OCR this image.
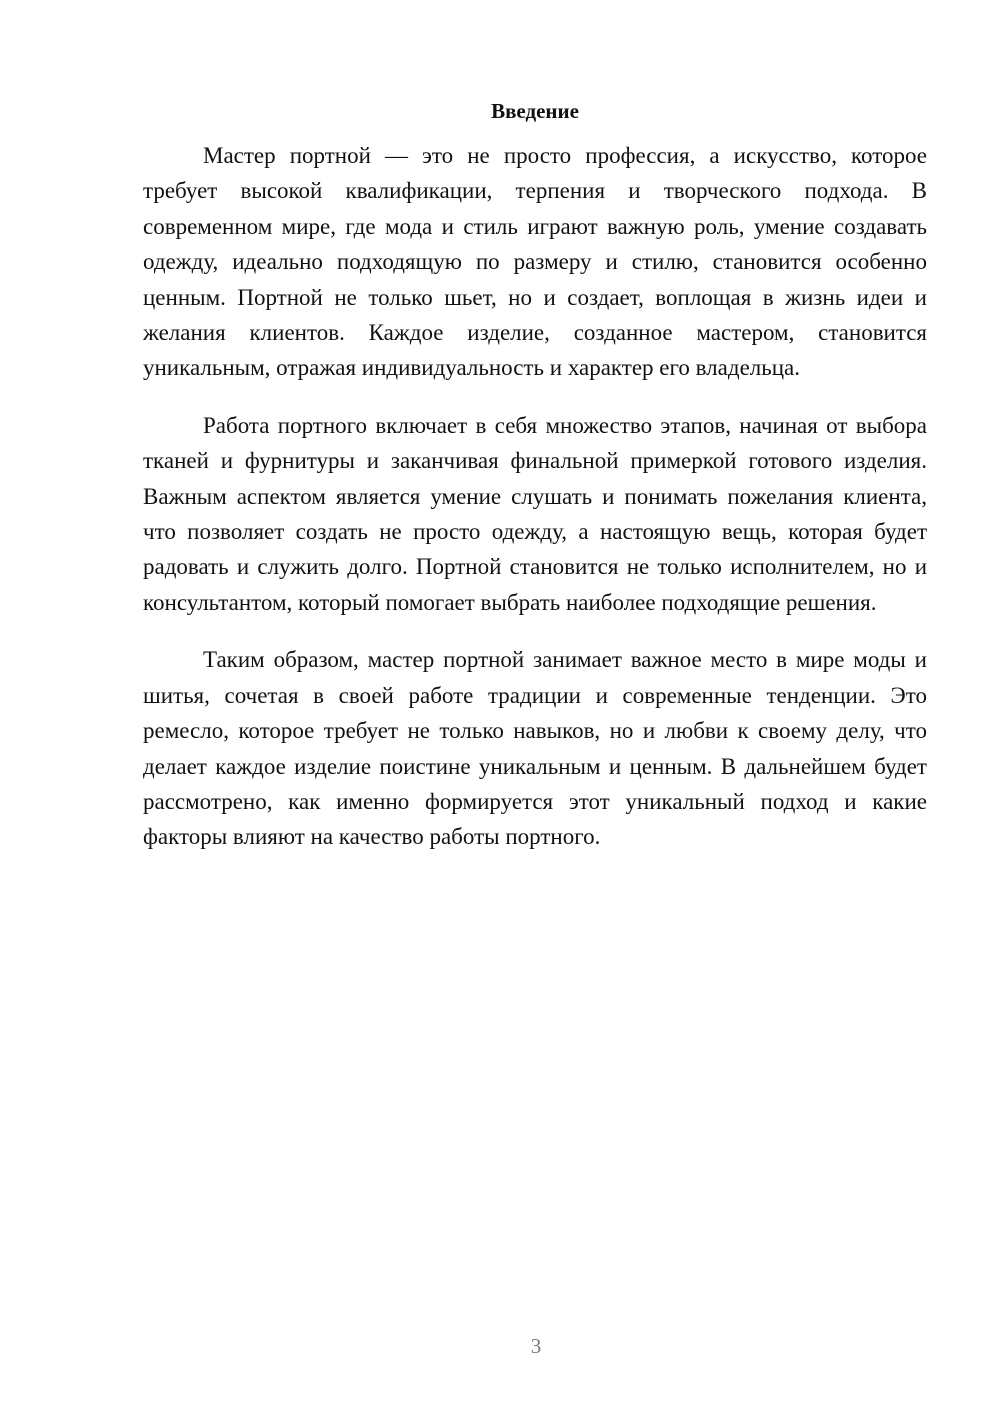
Введение

Мастер портной — это не просто профессия, а искусство, которое требует высокой квалификации, терпения и творческого подхода. В современном мире, где мода и стиль играют важную роль, умение создавать одежду, идеально подходящую по размеру и стилю, становится особенно ценным. Портной не только шьет, но и создает, воплощая в жизнь идеи и желания клиентов. Каждое изделие, созданное мастером, становится уникальным, отражая индивидуальность и характер его владельца.

Работа портного включает в себя множество этапов, начиная от выбора тканей и фурнитуры и заканчивая финальной примеркой готового изделия. Важным аспектом является умение слушать и понимать пожелания клиента, что позволяет создать не просто одежду, а настоящую вещь, которая будет радовать и служить долго. Портной становится не только исполнителем, но и консультантом, который помогает выбрать наиболее подходящие решения.

Таким образом, мастер портной занимает важное место в мире моды и шитья, сочетая в своей работе традиции и современные тенденции. Это ремесло, которое требует не только навыков, но и любви к своему делу, что делает каждое изделие поистине уникальным и ценным. В дальнейшем будет рассмотрено, как именно формируется этот уникальный подход и какие факторы влияют на качество работы портного.

3
